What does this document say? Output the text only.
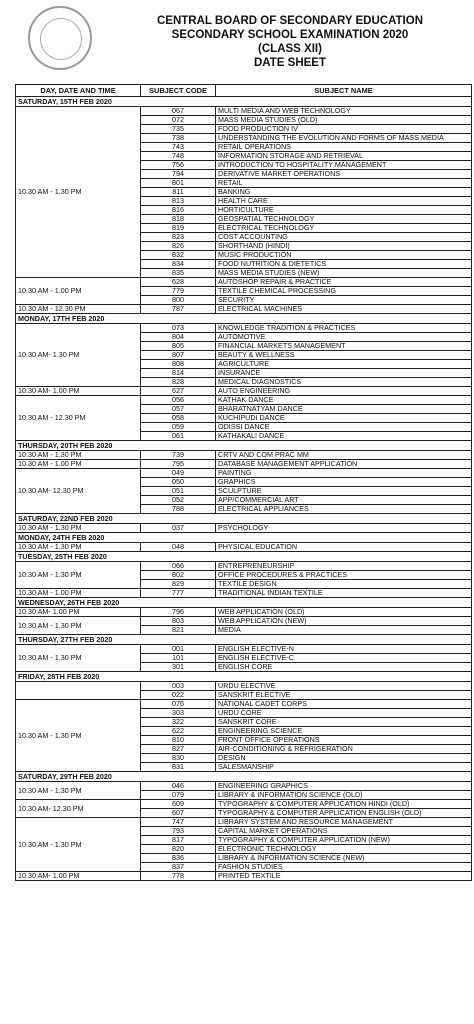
CENTRAL BOARD OF SECONDARY EDUCATION
SECONDARY SCHOOL EXAMINATION 2020
(CLASS XII)
DATE SHEET
DAY, DATE AND TIME	SUBJECT CODE	SUBJECT NAME
SATURDAY, 15TH FEB 2020		
10.30 AM - 1.30 PM	067	MULTI MEDIA AND WEB TECHNOLOGY
	072	MASS MEDIA STUDIES (OLD)
	735	FOOD PRODUCTION IV
	738	UNDERSTANDING THE EVOLUTION AND FORMS OF MASS MEDIA
	743	RETAIL OPERATIONS
	748	INFORMATION STORAGE AND RETRIEVAL
	756	INTRODUCTION TO HOSPITALITY MANAGEMENT
	794	DERIVATIVE MARKET OPERATIONS
	801	RETAIL
	811	BANKING
	813	HEALTH CARE
	816	HORTICULTURE
	818	GEOSPATIAL TECHNOLOGY
	819	ELECTRICAL TECHNOLOGY
	823	COST ACCOUNTING
	826	SHORTHAND (HINDI)
	832	MUSIC PRODUCTION
	834	FOOD NUTRITION & DIETETICS
	835	MASS MEDIA STUDIES (NEW)
10.30 AM - 1.00 PM	628	AUTOSHOP REPAIR & PRACTICE
	779	TEXTILE CHEMICAL PROCESSING
	800	SECURITY
10.30 AM - 12.30 PM	787	ELECTRICAL MACHINES
MONDAY, 17TH FEB 2020		
10.30 AM- 1.30 PM	073	KNOWLEDGE TRADITION & PRACTICES
	804	AUTOMOTIVE
	805	FINANCIAL MARKETS MANAGEMENT
	807	BEAUTY & WELLNESS
	808	AGRICULTURE
	814	INSURANCE
	828	MEDICAL DIAGNOSTICS
10.30 AM- 1.00 PM	627	AUTO ENGINEERING
10.30 AM - 12.30 PM	056	KATHAK DANCE
	057	BHARATNATYAM DANCE
	058	KUCHIPUDI DANCE
	059	ODISSI DANCE
	061	KATHAKALI DANCE
THURSDAY, 20TH FEB 2020		
10.30 AM - 1.30 PM	739	CRTV AND COM PRAC MM
10.30 AM - 1.00 PM	795	DATABASE MANAGEMENT APPLICATION
10.30 AM- 12.30 PM	049	PAINTING
	050	GRAPHICS
	051	SCULPTURE
	052	APP/COMMERCIAL ART
	788	ELECTRICAL APPLIANCES
SATURDAY, 22ND FEB 2020		
10.30 AM - 1.30 PM	037	PSYCHOLOGY
MONDAY, 24TH FEB 2020		
10.30 AM - 1.30 PM	048	PHYSICAL EDUCATION
TUESDAY, 25TH FEB 2020		
10.30 AM - 1.30 PM	066	ENTREPRENEURSHIP
	802	OFFICE PROCEDURES & PRACTICES
	829	TEXTILE DESIGN
10.30 AM - 1.00 PM	777	TRADITIONAL INDIAN TEXTILE
WEDNESDAY, 26TH FEB 2020		
10.30 AM- 1.00 PM	796	WEB APPLICATION (OLD)
10.30 AM - 1.30 PM	803	WEB APPLICATION (NEW)
	821	MEDIA
THURSDAY, 27TH FEB 2020		
10.30 AM - 1.30 PM	001	ENGLISH ELECTIVE-N
	101	ENGLISH ELECTIVE-C
	301	ENGLISH CORE
FRIDAY, 28TH FEB 2020		
	003	URDU ELECTIVE
	022	SANSKRIT ELECTIVE
10.30 AM - 1.30 PM	076	NATIONAL CADET CORPS
	303	URDU CORE
	322	SANSKRIT CORE
	622	ENGINEERING SCIENCE
	810	FRONT OFFICE OPERATIONS
	827	AIR-CONDITIONING & REFRIGERATION
	830	DESIGN
	831	SALESMANSHIP
SATURDAY, 29TH FEB 2020		
10.30 AM - 1.30 PM	046	ENGINEERING GRAPHICS
	079	LIBRARY & INFORMATION SCIENCE (OLD)
10.30 AM- 12.30 PM	609	TYPOGRAPHY & COMPUTER APPLICATION HINDI (OLD)
	607	TYPOGRAPHY & COMPUTER APPLICATION ENGLISH (OLD)
10.30 AM - 1.30 PM	747	LIBRARY SYSTEM AND RESOURCE MANAGEMENT
	793	CAPITAL MARKET OPERATIONS
	817	TYPOGRAPHY & COMPUTER APPLICATION (NEW)
	820	ELECTRONIC TECHNOLOGY
	836	LIBRARY & INFORMATION SCIENCE (NEW)
	837	FASHION STUDIES
10.30 AM- 1.00 PM	778	PRINTED TEXTILE
